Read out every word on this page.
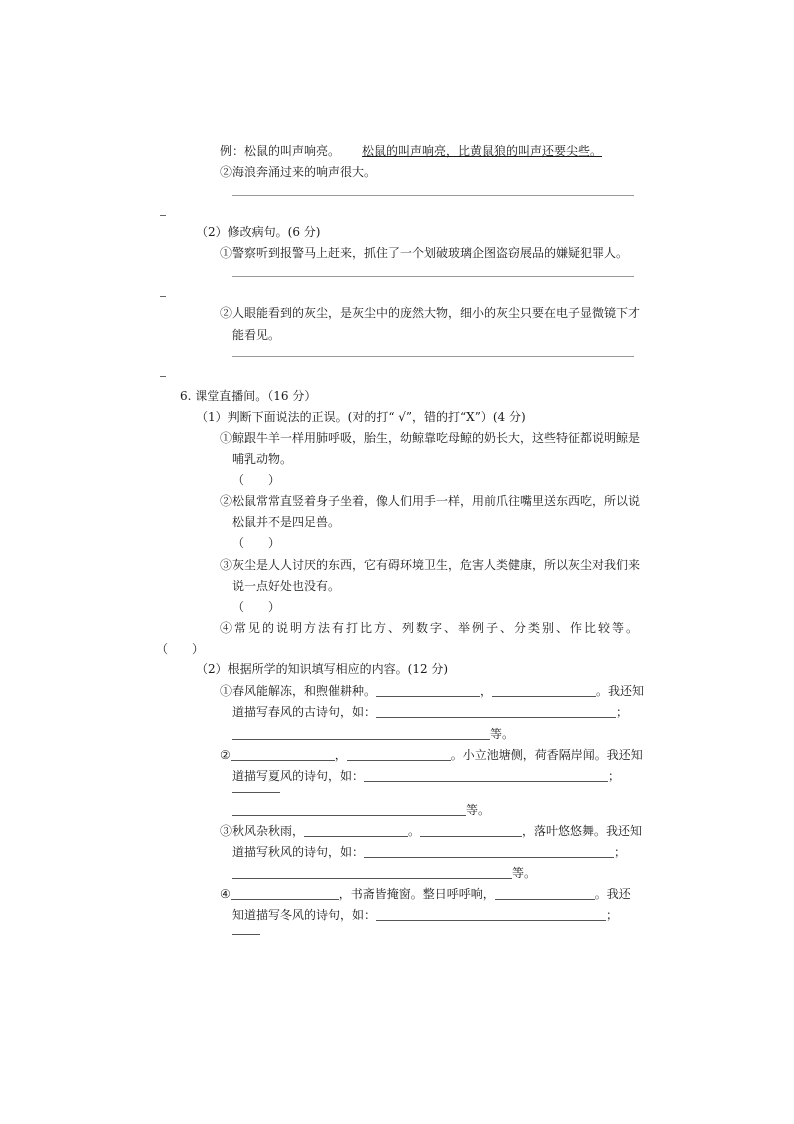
例：松鼠的叫声响亮。 松鼠的叫声响亮，比黄鼠狼的叫声还要尖些。
②海浪奔涌过来的响声很大。
（2）修改病句。(6 分)
①警察听到报警马上赶来，抓住了一个划破玻璃企图盗窃展品的嫌疑犯罪人。
②人眼能看到的灰尘，是灰尘中的庞然大物，细小的灰尘只要在电子显微镜下才
能看见。
6. 课堂直播间。（16 分）
（1）判断下面说法的正误。(对的打“ √”，错的打“X”）(4 分)
①鲸跟牛羊一样用肺呼吸，胎生，幼鲸靠吃母鲸的奶长大，这些特征都说明鲸是
哺乳动物。
（　　）
②松鼠常常直竖着身子坐着，像人们用手一样，用前爪往嘴里送东西吃，所以说
松鼠并不是四足兽。
（　　）
③灰尘是人人讨厌的东西，它有碍环境卫生，危害人类健康，所以灰尘对我们来
说一点好处也没有。
（　　）
④常见的说明方法有打比方、列数字、举例子、分类别、作比较等。
（　　）
（2）根据所学的知识填写相应的内容。(12 分)
①春风能解冻，和煦催耕种。	，	。我还知
道描写春风的古诗句，如：	；
等。
②	，	。小立池塘侧，荷香隔岸闻。我还知
道描写夏风的诗句，如：	；
等。
③秋风杂秋雨，	。	，落叶悠悠舞。我还知
道描写秋风的诗句，如：	；
等。
④	，书斋皆掩窗。整日呼呼响，	。我还
知道描写冬风的诗句，如：	；
